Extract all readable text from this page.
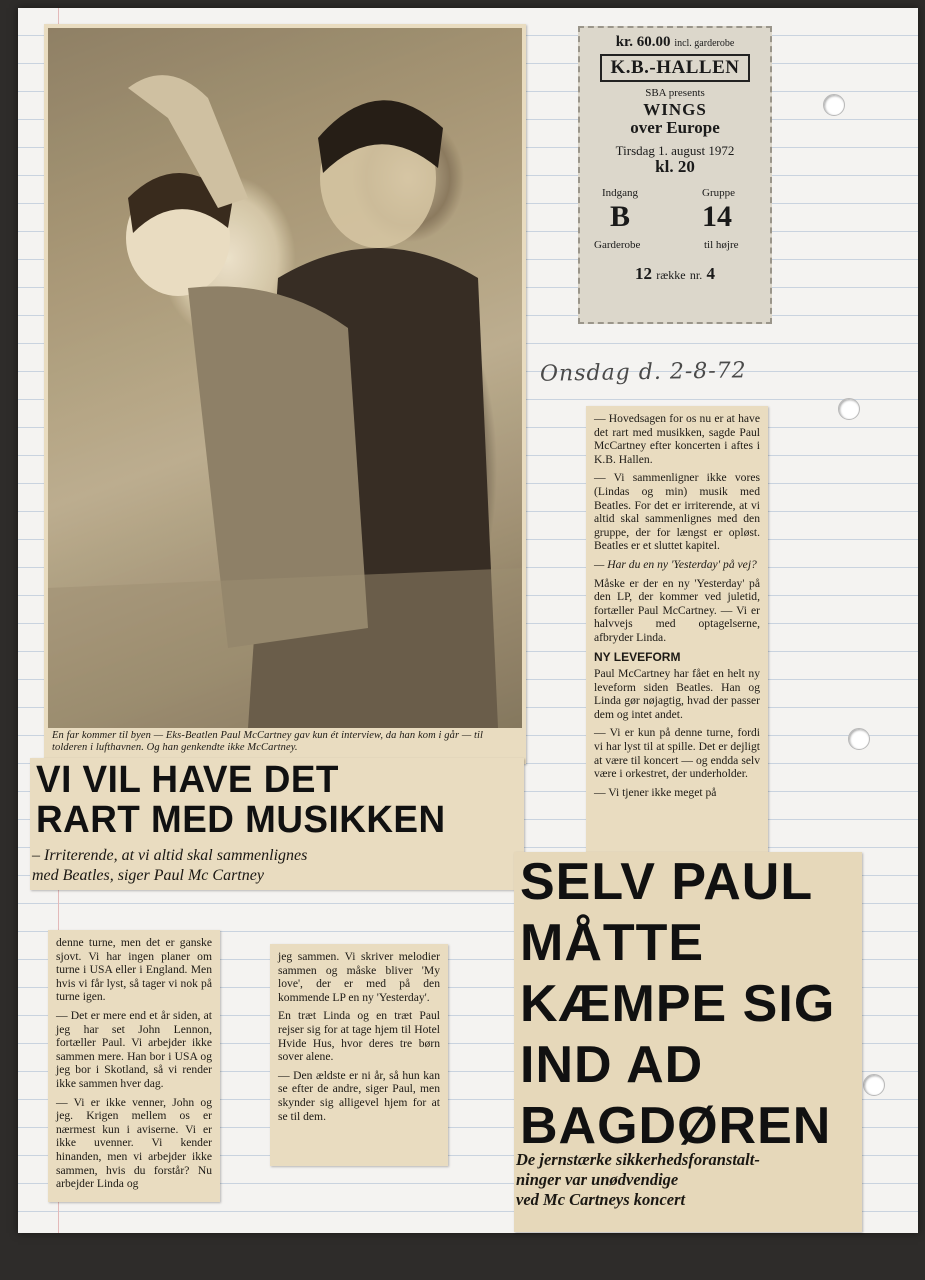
En far kommer til byen — Eks-Beatlen Paul McCartney gav kun ét interview, da han kom i går — til tolderen i lufthavnen. Og han genkendte ikke McCartney.
VI VIL HAVE DET
RART MED MUSIKKEN
– Irriterende, at vi altid skal sammenlignes
med Beatles, siger Paul Mc Cartney
kr. 60.00 incl. garderobe
K.B.-HALLEN
SBA presents
WINGS
over Europe
Tirsdag 1. august 1972
kl. 20
Indgang	Gruppe
B 14
Garderobe	til højre
12 række nr. 4
Onsdag d. 2-8-72

— Hovedsagen for os nu er at have det rart med musikken, sagde Paul McCartney efter koncerten i aftes i K.B. Hallen.

— Vi sammenligner ikke vores (Lindas og min) musik med Beatles. For det er irriterende, at vi altid skal sammenlignes med den gruppe, der for længst er opløst. Beatles er et sluttet kapitel.

— Har du en ny 'Yesterday' på vej?

Måske er der en ny 'Yesterday' på den LP, der kommer ved juletid, fortæller Paul McCartney. — Vi er halvvejs med optagelserne, afbryder Linda.

NY LEVEFORM

Paul McCartney har fået en helt ny leveform siden Beatles. Han og Linda gør nøjagtig, hvad der passer dem og intet andet.

— Vi er kun på denne turne, fordi vi har lyst til at spille. Det er dejligt at være til koncert — og endda selv være i orkestret, der underholder.

— Vi tjener ikke meget på

denne turne, men det er ganske sjovt. Vi har ingen planer om turne i USA eller i England. Men hvis vi får lyst, så tager vi nok på turne igen.

— Det er mere end et år siden, at jeg har set John Lennon, fortæller Paul. Vi arbejder ikke sammen mere. Han bor i USA og jeg bor i Skotland, så vi render ikke sammen hver dag.

— Vi er ikke venner, John og jeg. Krigen mellem os er nærmest kun i aviserne. Vi er ikke uvenner. Vi kender hinanden, men vi arbejder ikke sammen, hvis du forstår? Nu arbejder Linda og

jeg sammen. Vi skriver melodier sammen og måske bliver 'My love', der er med på den kommende LP en ny 'Yesterday'.

En træt Linda og en træt Paul rejser sig for at tage hjem til Hotel Hvide Hus, hvor deres tre børn sover alene.

— Den ældste er ni år, så hun kan se efter de andre, siger Paul, men skynder sig alligevel hjem for at se til dem.

SELV PAUL
MÅTTE
KÆMPE SIG
IND AD
BAGDØREN
De jernstærke sikkerhedsforanstalt-
ninger var unødvendige
ved Mc Cartneys koncert
